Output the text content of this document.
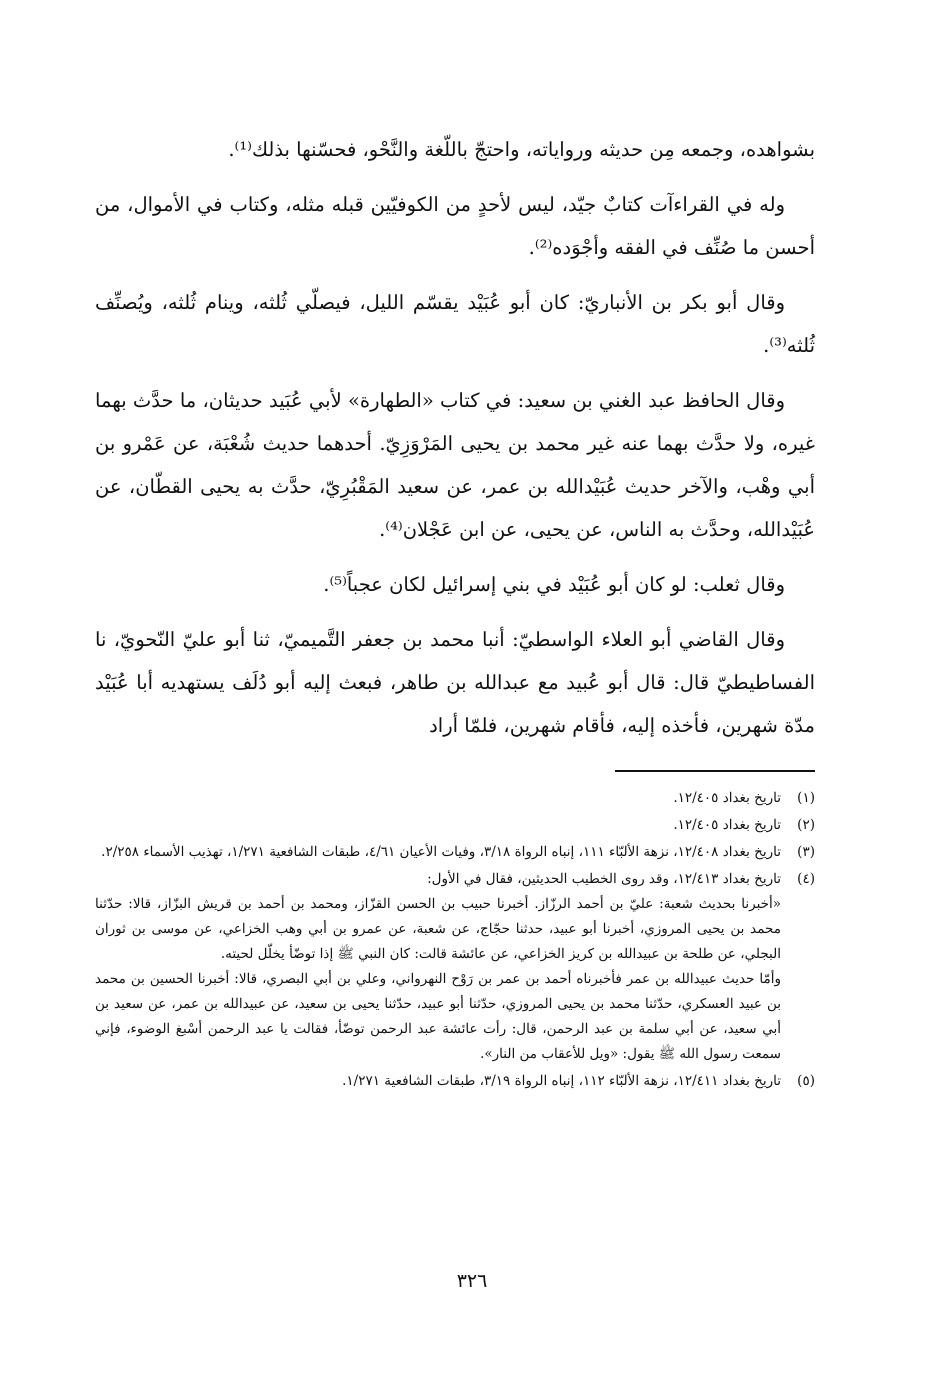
بشواهده، وجمعه مِن حديثه ورواياته، واحتجّ باللّغة والنَّحْو، فحسّنها بذلك⁽¹⁾.

وله في القراءآت كتابٌ جيّد، ليس لأحدٍ من الكوفيّين قبله مثله، وكتاب في الأموال، من أحسن ما صُنِّف في الفقه وأجْوَده⁽²⁾.

وقال أبو بكر بن الأنباريّ: كان أبو عُبَيْد يقسّم الليل، فيصلّي ثُلثه، وينام ثُلثه، ويُصنِّف ثُلثه⁽³⁾.

وقال الحافظ عبد الغني بن سعيد: في كتاب «الطهارة» لأبي عُبَيد حديثان، ما حدَّث بهما غيره، ولا حدَّث بهما عنه غير محمد بن يحيى المَرْوَزِيّ. أحدهما حديث شُعْبَة، عن عَمْرو بن أبي وهْب، والآخر حديث عُبَيْدالله بن عمر، عن سعيد المَقْبُرِيّ، حدَّث به يحيى القطّان، عن عُبَيْدالله، وحدَّث به الناس، عن يحيى، عن ابن عَجْلان⁽⁴⁾.

وقال ثعلب: لو كان أبو عُبَيْد في بني إسرائيل لكان عجباً⁽⁵⁾.

وقال القاضي أبو العلاء الواسطيّ: أنبا محمد بن جعفر التَّميميّ، ثنا أبو عليّ النّحويّ، نا الفساطيطيّ قال: قال أبو عُبيد مع عبدالله بن طاهر، فبعث إليه أبو دُلَف يستهديه أبا عُبَيْد مدّة شهرين، فأخذه إليه، فأقام شهرين، فلمّا أراد

(١)
تاريخ بغداد ١٢/٤٠٥.
(٢)
تاريخ بغداد ١٢/٤٠٥.
(٣)
تاريخ بغداد ١٢/٤٠٨، نزهة الألبّاء ١١١، إنباه الرواة ٣/١٨، وفيات الأعيان ٤/٦١، طبقات الشافعية ١/٢٧١، تهذيب الأسماء ٢/٢٥٨.
(٤)
تاريخ بغداد ١٢/٤١٣، وقد روى الخطيب الحديثين، فقال في الأول:
«أخبرنا بحديث شعبة: عليّ بن أحمد الرزّاز. أخبرنا حبيب بن الحسن القزّاز، ومحمد بن أحمد بن قريش البزّاز، قالا: حدّثنا محمد بن يحيى المروزي، أخبرنا أبو عبيد، حدثنا حجّاج، عن شعبة، عن عمرو بن أبي وهب الخزاعي، عن موسى بن ثوران البجلي، عن طلحة بن عبيدالله بن كريز الخزاعي، عن عائشة قالت: كان النبي ﷺ إذا توضّأ يخلّل لحيته.
وأمّا حديث عبيدالله بن عمر فأخبرناه أحمد بن عمر بن رَوْح النهرواني، وعلي بن أبي البصري، قالا: أخبرنا الحسين بن محمد بن عبيد العسكري، حدّثنا محمد بن يحيى المروزي، حدّثنا أبو عبيد، حدّثنا يحيى بن سعيد، عن عبيدالله بن عمر، عن سعيد بن أبي سعيد، عن أبي سلمة بن عبد الرحمن، قال: رأت عائشة عبد الرحمن توضّأ، فقالت يا عبد الرحمن أسْبغ الوضوء، فإني سمعت رسول الله ﷺ يقول: «ويل للأعقاب من النار».
(٥)
تاريخ بغداد ١٢/٤١١، نزهة الألبّاء ١١٢، إنباه الرواة ٣/١٩، طبقات الشافعية ١/٢٧١.
٣٢٦
